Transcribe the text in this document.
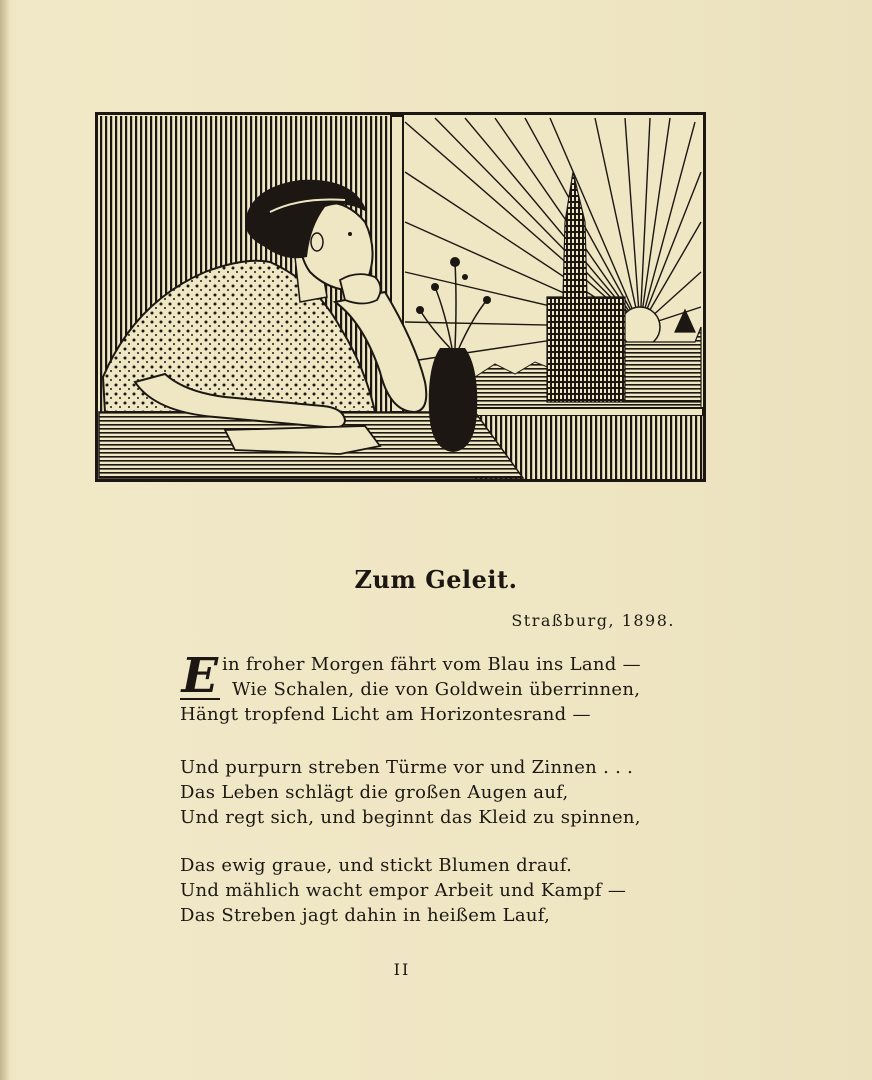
Zum Geleit.
Straßburg, 1898.
E in froher Morgen fährt vom Blau ins Land —
Wie Schalen, die von Goldwein überrinnen,
Hängt tropfend Licht am Horizontesrand —
Und purpurn streben Türme vor und Zinnen . . .
Das Leben schlägt die großen Augen auf,
Und regt sich, und beginnt das Kleid zu spinnen,
Das ewig graue, und stickt Blumen drauf.
Und mählich wacht empor Arbeit und Kampf —
Das Streben jagt dahin in heißem Lauf,
II
